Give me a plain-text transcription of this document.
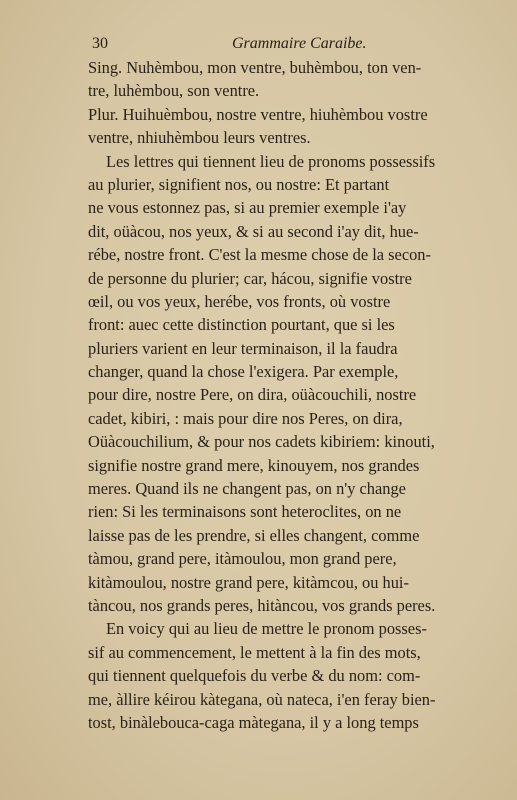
30	Grammaire Caraibe.
Sing. Nuhèmbou, mon ventre, buhèmbou, ton ven-
tre, luhèmbou, son ventre.
Plur. Huihuèmbou, nostre ventre, hiuhèmbou vostre
ventre, nhiuhèmbou leurs ventres.
Les lettres qui tiennent lieu de pronoms possessifs
au plurier, signifient nos, ou nostre: Et partant
ne vous estonnez pas, si au premier exemple i'ay
dit, oüàcou, nos yeux, & si au second i'ay dit, hue-
rébe, nostre front. C'est la mesme chose de la secon-
de personne du plurier; car, hácou, signifie vostre
œil, ou vos yeux, herébe, vos fronts, où vostre
front: auec cette distinction pourtant, que si les
pluriers varient en leur terminaison, il la faudra
changer, quand la chose l'exigera. Par exemple,
pour dire, nostre Pere, on dira, oüàcouchili, nostre
cadet, kibiri, : mais pour dire nos Peres, on dira,
Oüàcouchilium, & pour nos cadets kibiriem: kinouti,
signifie nostre grand mere, kinouyem, nos grandes
meres. Quand ils ne changent pas, on n'y change
rien: Si les terminaisons sont heteroclites, on ne
laisse pas de les prendre, si elles changent, comme
tàmou, grand pere, itàmoulou, mon grand pere,
kitàmoulou, nostre grand pere, kitàmcou, ou hui-
tàncou, nos grands peres, hitàncou, vos grands peres.
En voicy qui au lieu de mettre le pronom posses-
sif au commencement, le mettent à la fin des mots,
qui tiennent quelquefois du verbe & du nom: com-
me, àllire kéirou kàtegana, où nateca, i'en feray bien-
tost, binàlebouca-caga màtegana, il y a long temps
